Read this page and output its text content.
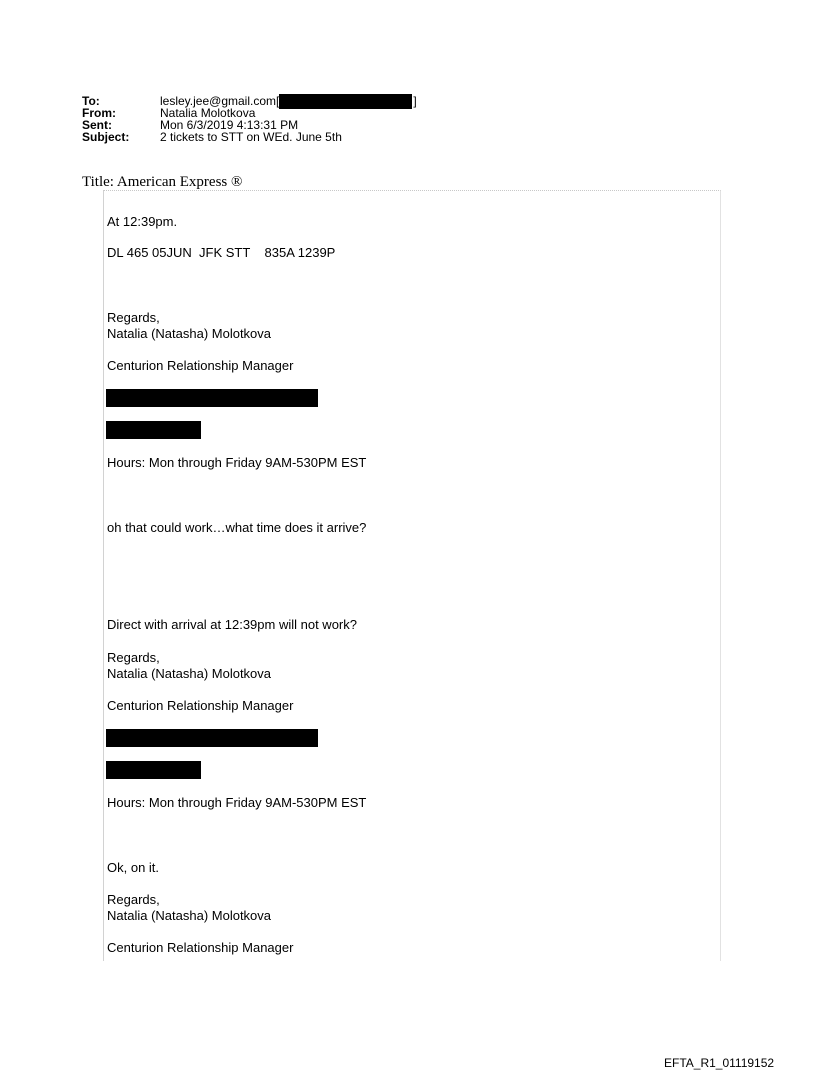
To:	lesley.jee@gmail.com[	]
From:	Natalia Molotkova
Sent:	Mon 6/3/2019 4:13:31 PM
Subject:	2 tickets to STT on WEd. June 5th
Title: American Express ®
At 12:39pm.
DL 465 05JUN  JFK STT    835A 1239P
Regards,
Natalia (Natasha) Molotkova
Centurion Relationship Manager
Hours: Mon through Friday 9AM-530PM EST
oh that could work…what time does it arrive?
Direct with arrival at 12:39pm will not work?
Regards,
Natalia (Natasha) Molotkova
Centurion Relationship Manager
Hours: Mon through Friday 9AM-530PM EST
Ok, on it.
Regards,
Natalia (Natasha) Molotkova
Centurion Relationship Manager
EFTA_R1_01119152
